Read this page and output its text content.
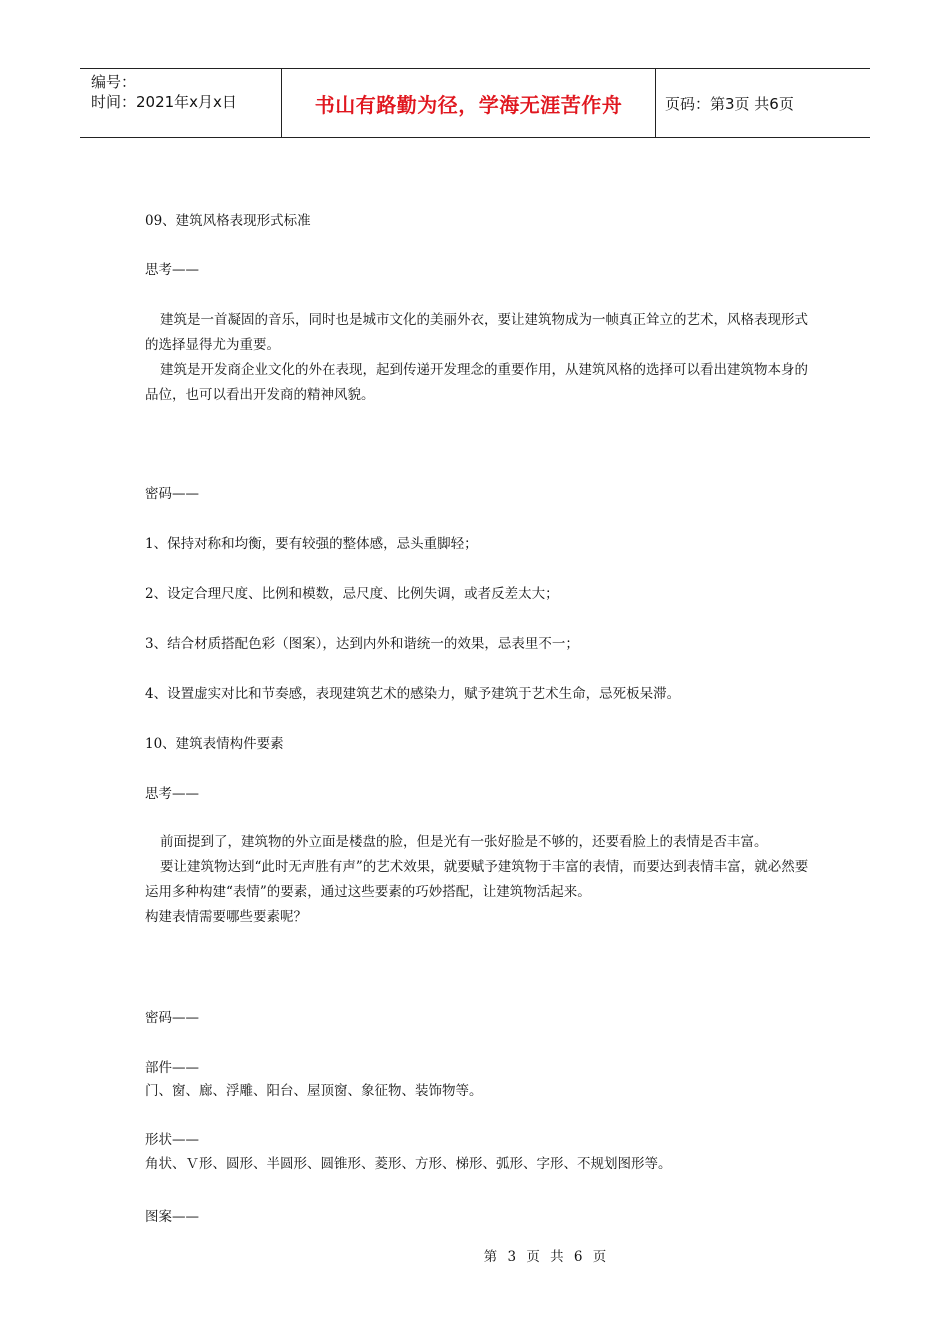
编号：
时间：2021年x月x日	书山有路勤为径，学海无涯苦作舟	页码：第3页 共6页
09、建筑风格表现形式标准
思考——

建筑是一首凝固的音乐，同时也是城市文化的美丽外衣，要让建筑物成为一帧真正耸立的艺术，风格表现形式的选择显得尤为重要。

建筑是开发商企业文化的外在表现，起到传递开发理念的重要作用，从建筑风格的选择可以看出建筑物本身的品位，也可以看出开发商的精神风貌。

密码——
1、保持对称和均衡，要有较强的整体感，忌头重脚轻；
2、设定合理尺度、比例和模数，忌尺度、比例失调，或者反差太大；
3、结合材质搭配色彩（图案），达到内外和谐统一的效果，忌表里不一；
4、设置虚实对比和节奏感，表现建筑艺术的感染力，赋予建筑于艺术生命，忌死板呆滞。
10、建筑表情构件要素
思考——

前面提到了，建筑物的外立面是楼盘的脸，但是光有一张好脸是不够的，还要看脸上的表情是否丰富。

要让建筑物达到“此时无声胜有声”的艺术效果，就要赋予建筑物于丰富的表情，而要达到表情丰富，就必然要运用多种构建“表情”的要素，通过这些要素的巧妙搭配，让建筑物活起来。

构建表情需要哪些要素呢？

密码——
部件——
门、窗、廊、浮雕、阳台、屋顶窗、象征物、装饰物等。
形状——
角状、Ｖ形、圆形、半圆形、圆锥形、菱形、方形、梯形、弧形、字形、不规划图形等。
图案——
第 3 页 共 6 页
